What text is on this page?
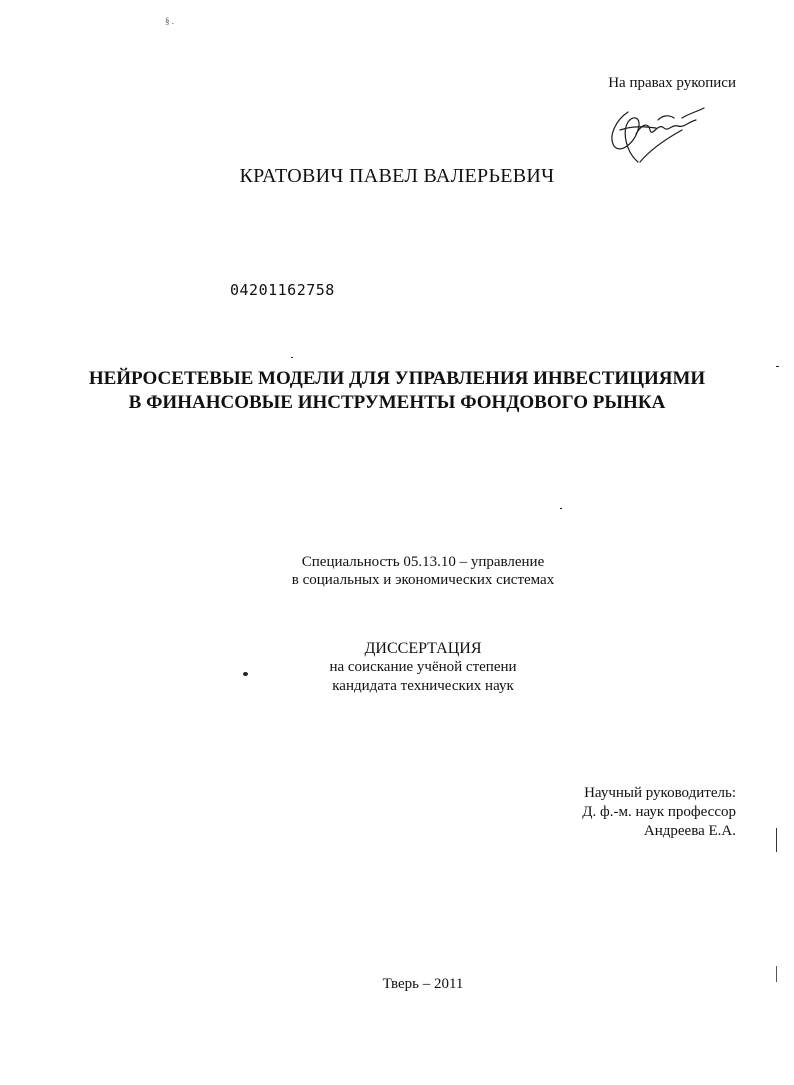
§ .
На правах рукописи
КРАТОВИЧ ПАВЕЛ ВАЛЕРЬЕВИЧ
04201162758
НЕЙРОСЕТЕВЫЕ МОДЕЛИ ДЛЯ УПРАВЛЕНИЯ ИНВЕСТИЦИЯМИ
В ФИНАНСОВЫЕ ИНСТРУМЕНТЫ ФОНДОВОГО РЫНКА
Специальность 05.13.10 – управление
в социальных и экономических системах
ДИССЕРТАЦИЯ
на соискание учёной степени
кандидата технических наук
Научный руководитель:
Д. ф.-м. наук профессор
Андреева Е.А.
Тверь – 2011
